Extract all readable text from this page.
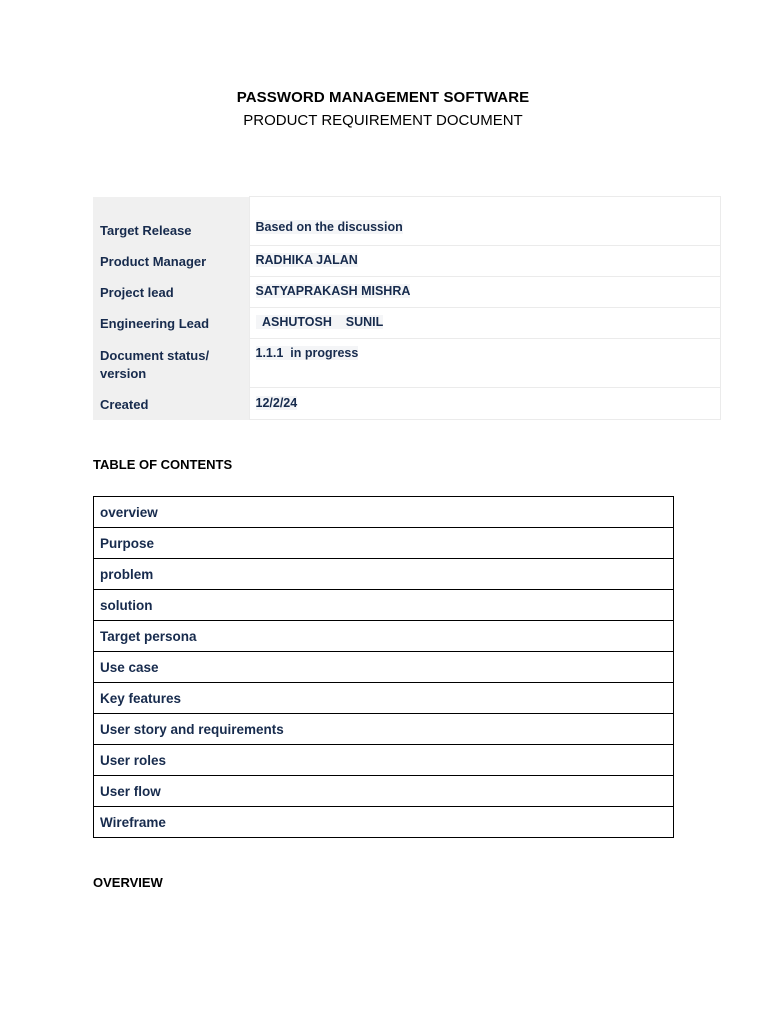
PASSWORD MANAGEMENT SOFTWARE
PRODUCT REQUIREMENT DOCUMENT
Target Release	Based on the discussion
Product Manager	RADHIKA JALAN
Project lead	SATYAPRAKASH MISHRA
Engineering Lead	ASHUTOSH    SUNIL
Document status/ version	1.1.1  in progress
Created	12/2/24
TABLE OF CONTENTS
overview
Purpose
problem
solution
Target persona
Use case
Key features
User story and requirements
User roles
User flow
Wireframe
OVERVIEW
